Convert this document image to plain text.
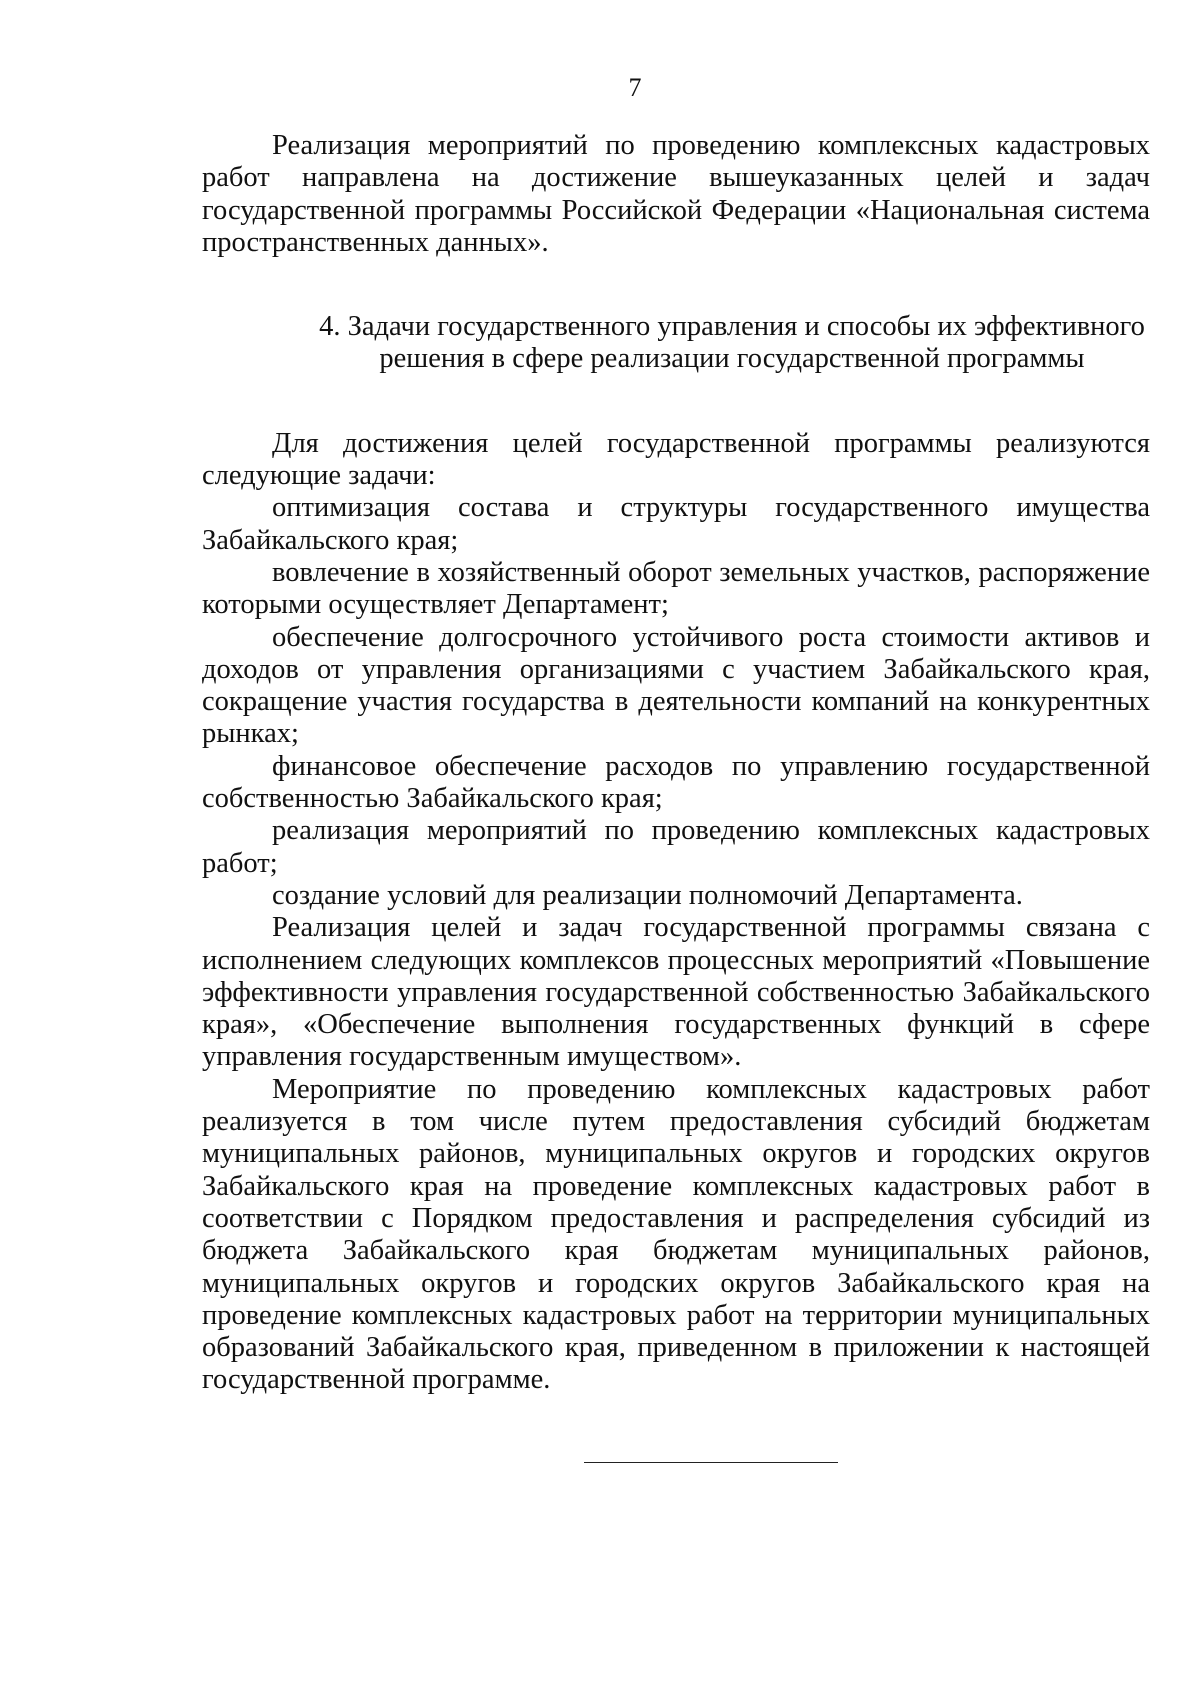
7

Реализация мероприятий по проведению комплексных кадастровых работ направлена на достижение вышеуказанных целей и задач государственной программы Российской Федерации «Национальная система пространственных данных».

4. Задачи государственного управления и способы их эффективного
решения в сфере реализации государственной программы

Для достижения целей государственной программы реализуются следующие задачи:

оптимизация состава и структуры государственного имущества Забайкальского края;

вовлечение в хозяйственный оборот земельных участков, распоряжение которыми осуществляет Департамент;

обеспечение долгосрочного устойчивого роста стоимости активов и доходов от управления организациями с участием Забайкальского края, сокращение участия государства в деятельности компаний на конкурентных рынках;

финансовое обеспечение расходов по управлению государственной собственностью Забайкальского края;

реализация мероприятий по проведению комплексных кадастровых работ;

создание условий для реализации полномочий Департамента.

Реализация целей и задач государственной программы связана с исполнением следующих комплексов процессных мероприятий «Повышение эффективности управления государственной собственностью Забайкальского края», «Обеспечение выполнения государственных функций в сфере управления государственным имуществом».

Мероприятие по проведению комплексных кадастровых работ реализуется в том числе путем предоставления субсидий бюджетам муниципальных районов, муниципальных округов и городских округов Забайкальского края на проведение комплексных кадастровых работ в соответствии с Порядком предоставления и распределения субсидий из бюджета Забайкальского края бюджетам муниципальных районов, муниципальных округов и городских округов Забайкальского края на проведение комплексных кадастровых работ на территории муниципальных образований Забайкальского края, приведенном в приложении к настоящей государственной программе.
